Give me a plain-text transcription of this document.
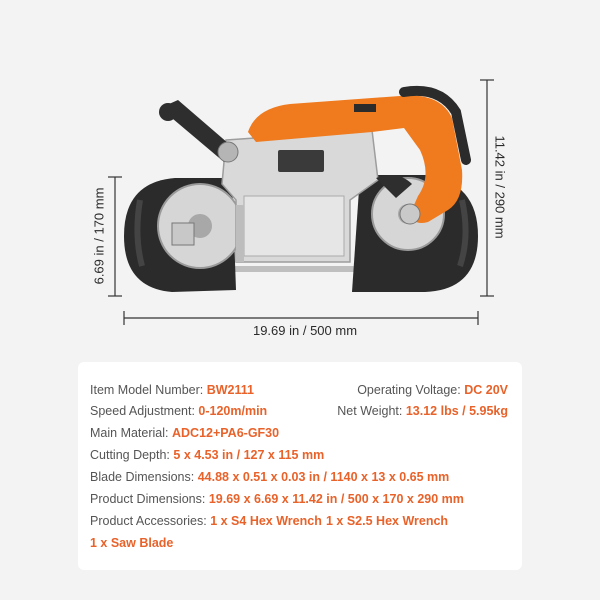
19.69 in / 500 mm
6.69 in / 170 mm	11.42 in / 290 mm
Item Model Number: BW2111	Operating Voltage: DC 20V
Speed Adjustment: 0-120m/min	Net Weight: 13.12 lbs / 5.95kg
Main Material: ADC12+PA6-GF30
Cutting Depth: 5 x 4.53 in / 127 x 115 mm
Blade Dimensions: 44.88 x 0.51 x 0.03 in / 1140 x 13 x 0.65 mm
Product Dimensions: 19.69 x 6.69 x 11.42 in / 500 x 170 x 290 mm
Product Accessories: 1 x S4 Hex Wrench 1 x S2.5 Hex Wrench
1 x Saw Blade
